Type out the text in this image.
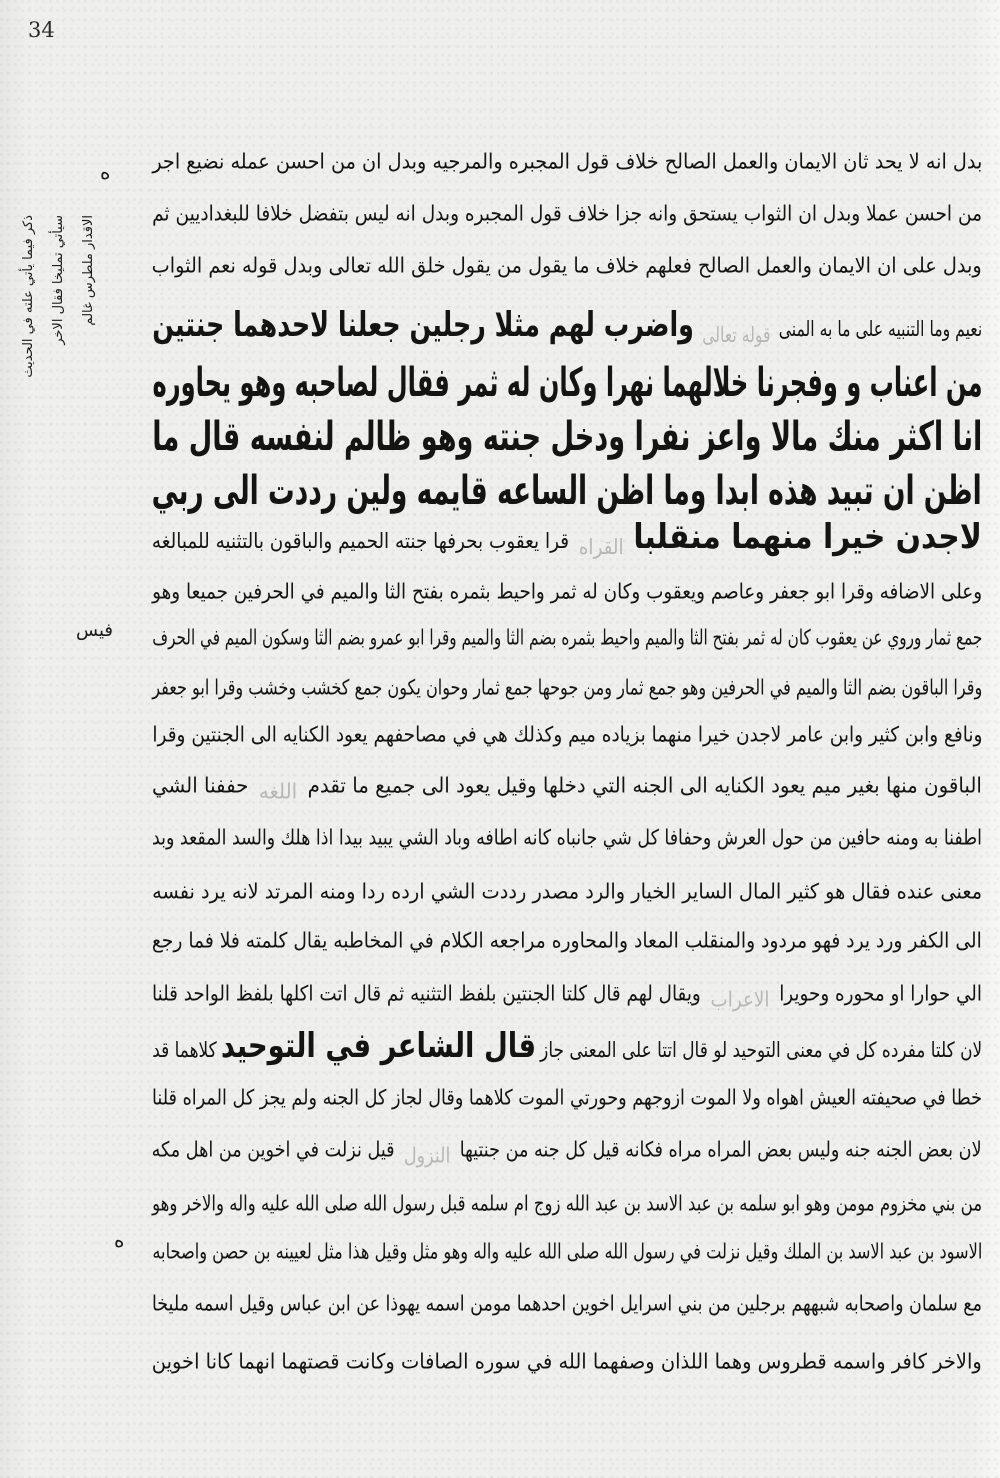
34
ذكر فيما يأتي علته في الحديث	سيأتي تمليخا فقال الاخر	الاقدار ملطرس غالم
ه
فيس
ه
بدل انه لا يحد ثان الايمان والعمل الصالح خلاف قول المجبره والمرجيه وبدل ان من احسن عمله نضيع اجر
من احسن عملا وبدل ان الثواب يستحق وانه جزا خلاف قول المجبره وبدل انه ليس بتفضل خلافا للبغداديين ثم
وبدل على ان الايمان والعمل الصالح فعلهم خلاف ما يقول من يقول خلق الله تعالى وبدل قوله نعم الثواب
نعيم وما التنبيه على ما به المنى قوله تعالى واضرب لهم مثلا رجلين جعلنا لاحدهما جنتين
من اعناب و وفجرنا خلالهما نهرا وكان له ثمر فقال لصاحبه وهو يحاوره
انا اكثر منك مالا واعز نفرا ودخل جنته وهو ظالم لنفسه قال ما
اظن ان تبيد هذه ابدا وما اظن الساعه قايمه ولين رددت الى ربي
لاجدن خيرا منهما منقلبا القراه قرا يعقوب بحرفها جنته الحميم والباقون بالتثنيه للمبالغه
وعلى الاضافه وقرا ابو جعفر وعاصم ويعقوب وكان له ثمر واحيط بثمره بفتح الثا والميم في الحرفين جميعا وهو
جمع ثمار وروي عن يعقوب كان له ثمر بفتح الثا والميم واحيط بثمره بضم الثا والميم وقرا ابو عمرو بضم الثا وسكون الميم في الحرف
وقرا الباقون بضم الثا والميم في الحرفين وهو جمع ثمار ومن جوحها جمع ثمار وحوان يكون جمع كخشب وخشب وقرا ابو جعفر
ونافع وابن كثير وابن عامر لاجدن خيرا منهما بزياده ميم وكذلك هي في مصاحفهم يعود الكنايه الى الجنتين وقرا
الباقون منها بغير ميم يعود الكنايه الى الجنه التي دخلها وقيل يعود الى جميع ما تقدم اللغه حففنا الشي
اطفنا به ومنه حافين من حول العرش وحفافا كل شي جانباه كانه اطافه وباد الشي يبيد بيدا اذا هلك والسد المقعد وبد
معنى عنده فقال هو كثير المال الساير الخيار والرد مصدر رددت الشي ارده ردا ومنه المرتد لانه يرد نفسه
الى الكفر ورد يرد فهو مردود والمنقلب المعاد والمحاوره مراجعه الكلام في المخاطبه يقال كلمته فلا فما رجع
الي حوارا او محوره وحويرا الاعراب ويقال لهم قال كلتا الجنتين بلفظ التثنيه ثم قال اتت اكلها بلفظ الواحد قلنا
لان كلتا مفرده كل في معنى التوحيد لو قال اتتا على المعنى جاز قال الشاعر في التوحيد كلاهما قد
خطا في صحيفته العيش اهواه ولا الموت ازوجهم وحورتي الموت كلاهما وقال لجاز كل الجنه ولم يجز كل المراه قلنا
لان بعض الجنه جنه وليس بعض المراه مراه فكانه قيل كل جنه من جنتيها النزول قيل نزلت في اخوين من اهل مكه
من بني مخزوم مومن وهو ابو سلمه بن عبد الاسد بن عبد الله زوج ام سلمه قبل رسول الله صلى الله عليه واله والاخر وهو
الاسود بن عبد الاسد بن الملك وقيل نزلت في رسول الله صلى الله عليه واله وهو مثل وقيل هذا مثل لعيينه بن حصن واصحابه
مع سلمان واصحابه شبههم برجلين من بني اسرايل اخوين احدهما مومن اسمه يهوذا عن ابن عباس وقيل اسمه مليخا
والاخر كافر واسمه قطروس وهما اللذان وصفهما الله في سوره الصافات وكانت قصتهما انهما كانا اخوين
